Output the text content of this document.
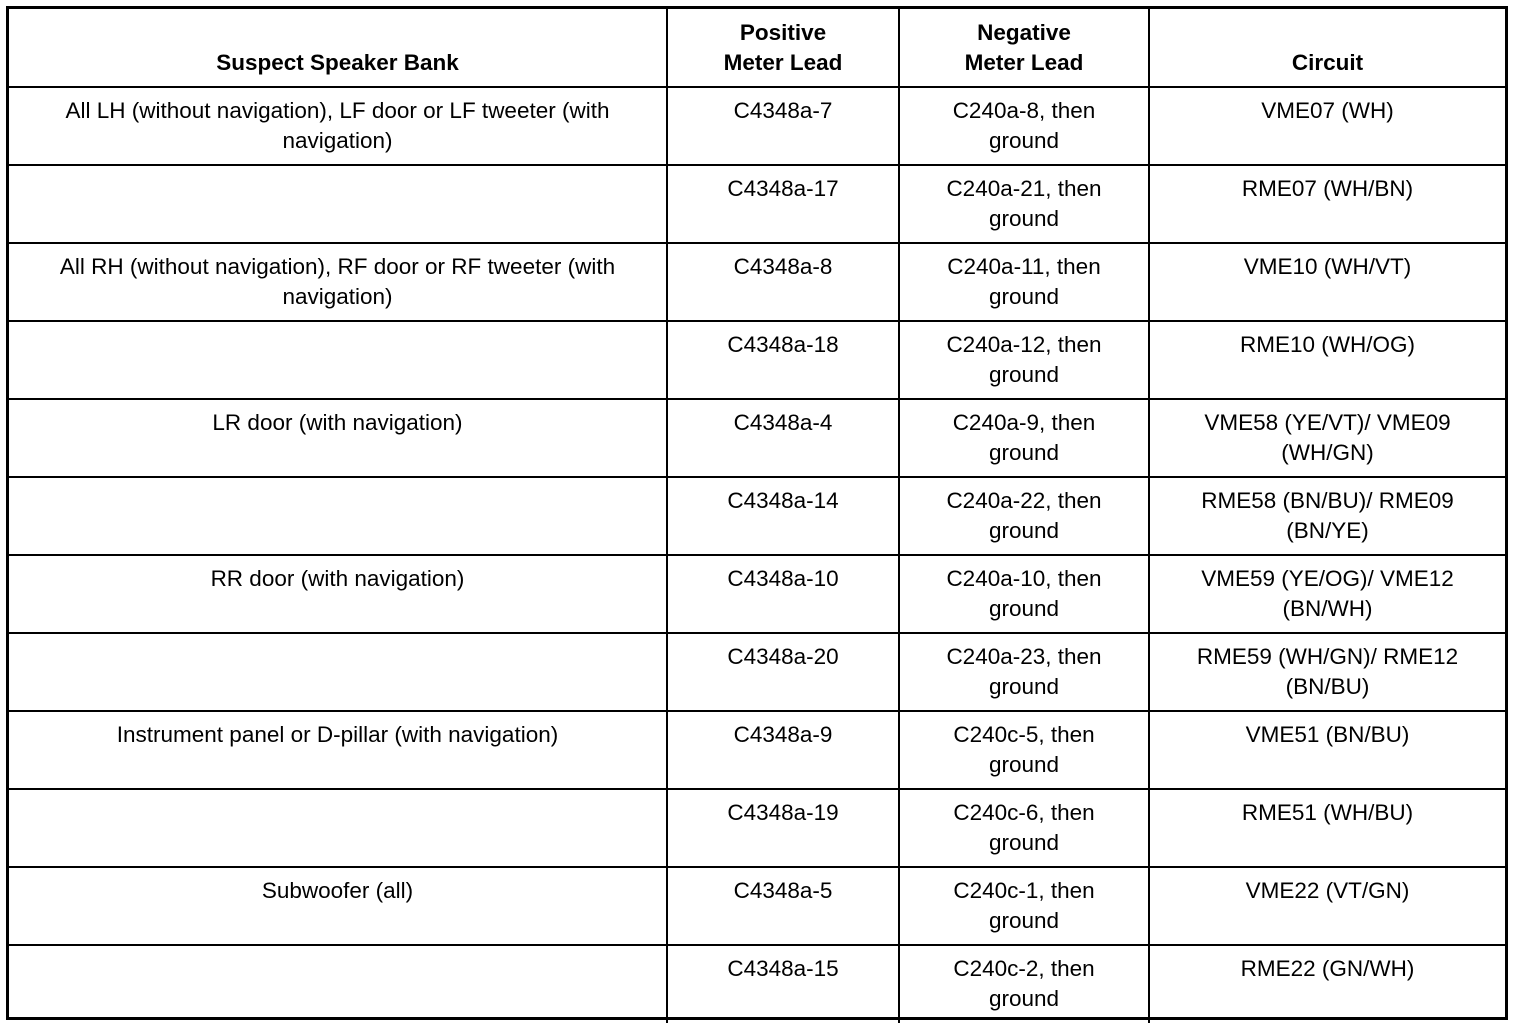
Suspect Speaker Bank	Positive Meter Lead	Negative Meter Lead	Circuit
All LH (without navigation), LF door or LF tweeter (with navigation)	C4348a-7	C240a-8, then ground	VME07 (WH)
	C4348a-17	C240a-21, then ground	RME07 (WH/BN)
All RH (without navigation), RF door or RF tweeter (with navigation)	C4348a-8	C240a-11, then ground	VME10 (WH/VT)
	C4348a-18	C240a-12, then ground	RME10 (WH/OG)
LR door (with navigation)	C4348a-4	C240a-9, then ground	VME58 (YE/VT)/ VME09 (WH/GN)
	C4348a-14	C240a-22, then ground	RME58 (BN/BU)/ RME09 (BN/YE)
RR door (with navigation)	C4348a-10	C240a-10, then ground	VME59 (YE/OG)/ VME12 (BN/WH)
	C4348a-20	C240a-23, then ground	RME59 (WH/GN)/ RME12 (BN/BU)
Instrument panel or D-pillar (with navigation)	C4348a-9	C240c-5, then ground	VME51 (BN/BU)
	C4348a-19	C240c-6, then ground	RME51 (WH/BU)
Subwoofer (all)	C4348a-5	C240c-1, then ground	VME22 (VT/GN)
	C4348a-15	C240c-2, then ground	RME22 (GN/WH)
